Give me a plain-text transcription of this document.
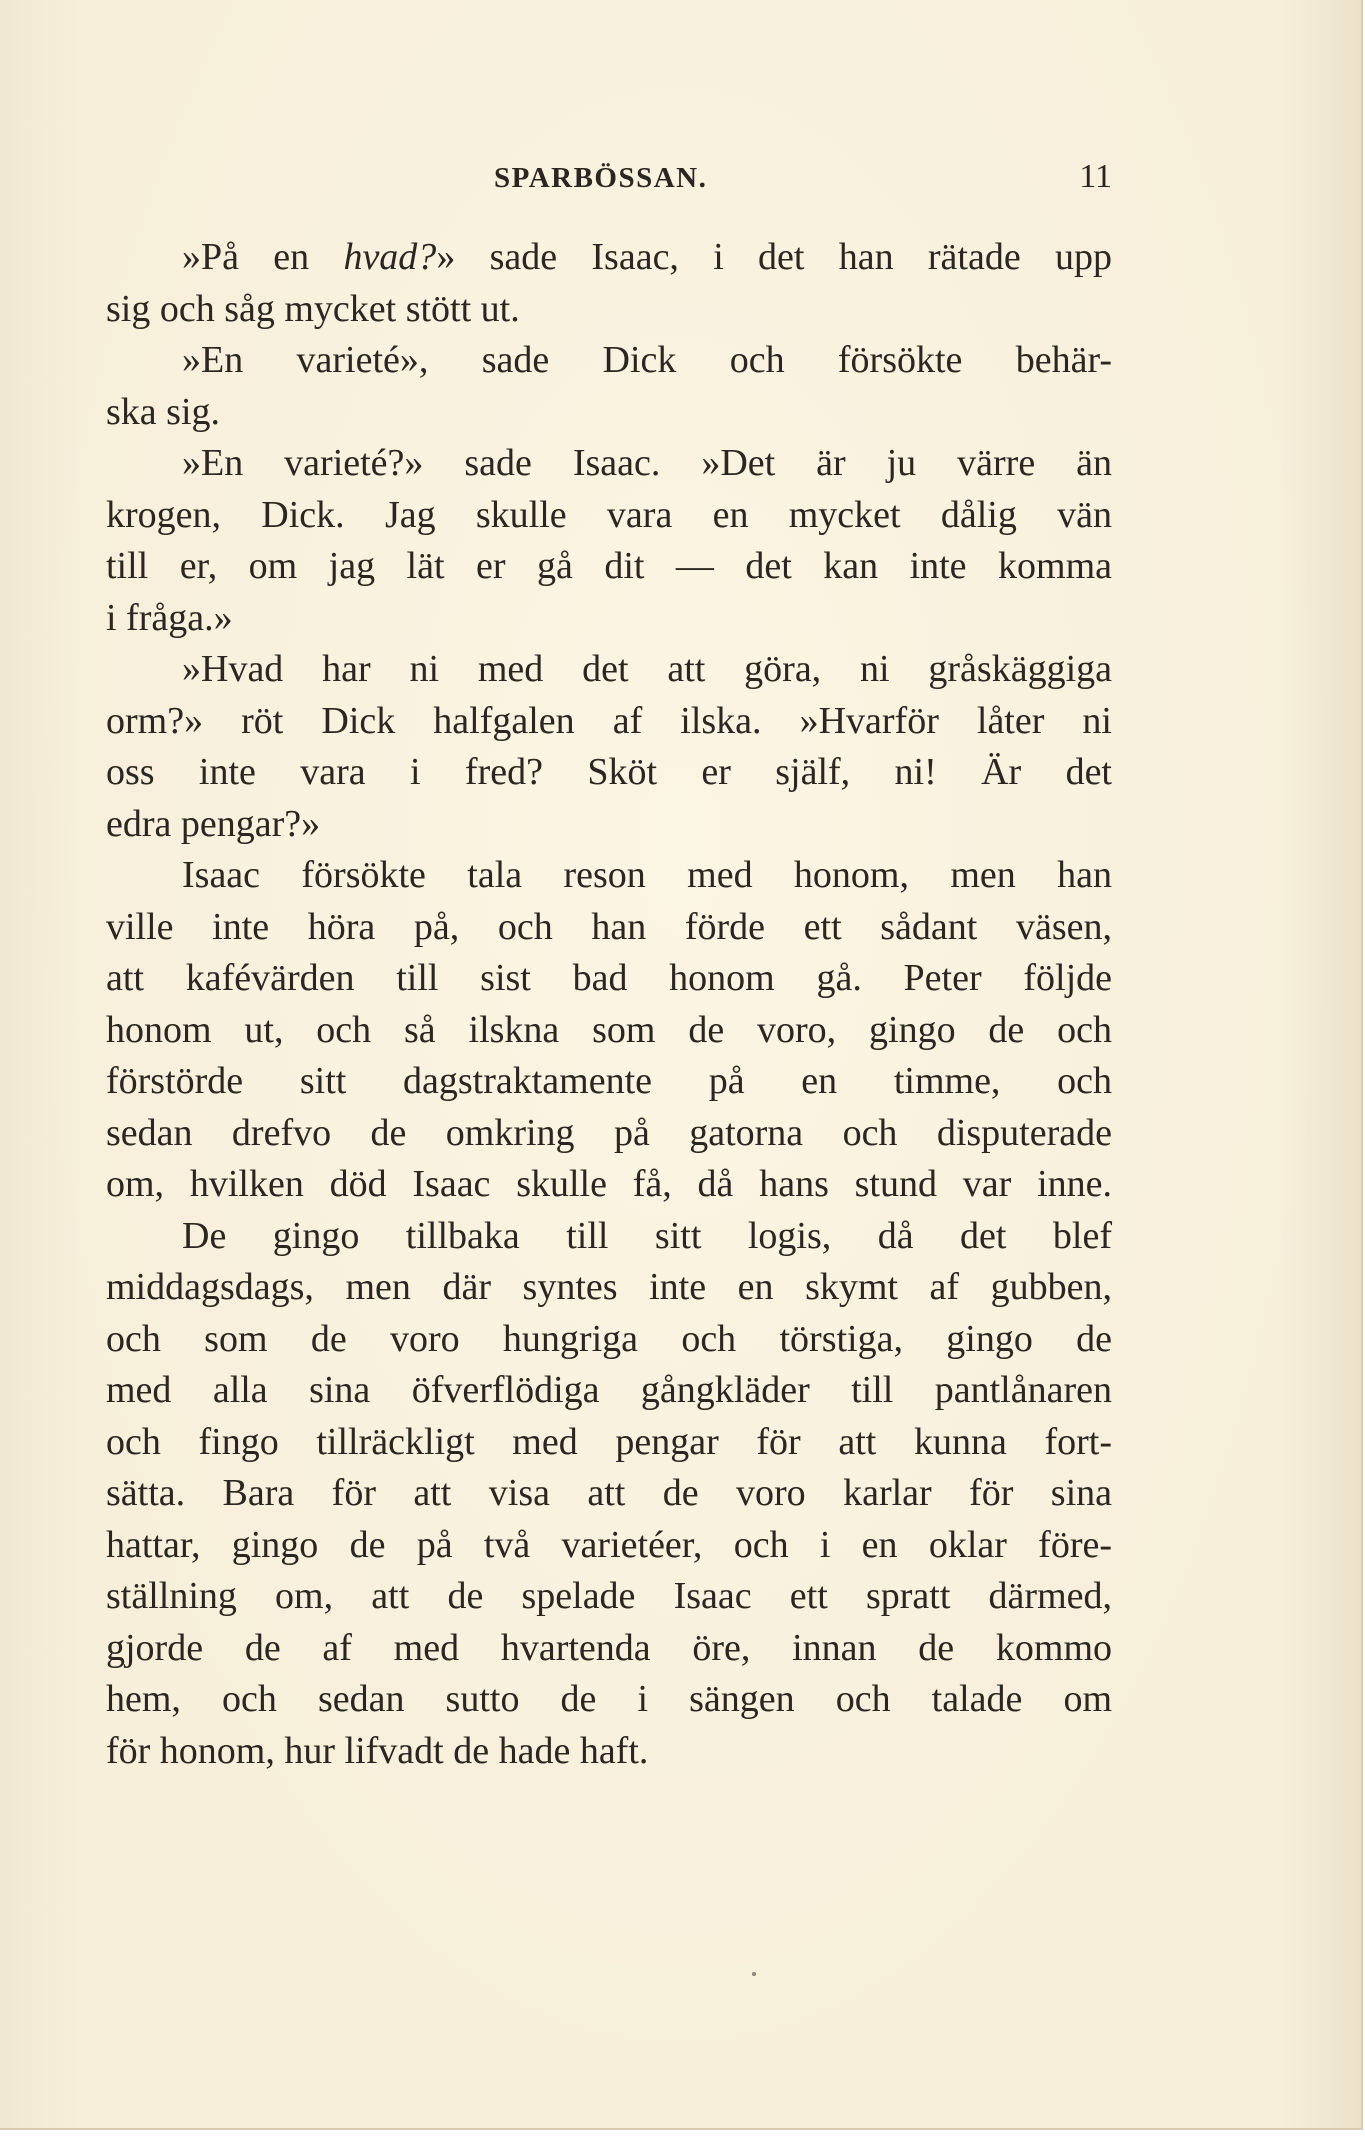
SPARBÖSSAN.	11
»På en hvad?» sade Isaac, i det han rätade upp
sig och såg mycket stött ut.
»En varieté», sade Dick och försökte behär-
ska sig.
»En varieté?» sade Isaac. »Det är ju värre än
krogen, Dick. Jag skulle vara en mycket dålig vän
till er, om jag lät er gå dit — det kan inte komma
i fråga.»
»Hvad har ni med det att göra, ni gråskäggiga
orm?» röt Dick halfgalen af ilska. »Hvarför låter ni
oss inte vara i fred? Sköt er själf, ni! Är det
edra pengar?»
Isaac försökte tala reson med honom, men han
ville inte höra på, och han förde ett sådant väsen,
att kafévärden till sist bad honom gå. Peter följde
honom ut, och så ilskna som de voro, gingo de och
förstörde sitt dagstraktamente på en timme, och
sedan drefvo de omkring på gatorna och disputerade
om, hvilken död Isaac skulle få, då hans stund var inne.
De gingo tillbaka till sitt logis, då det blef
middagsdags, men där syntes inte en skymt af gubben,
och som de voro hungriga och törstiga, gingo de
med alla sina öfverflödiga gångkläder till pantlånaren
och fingo tillräckligt med pengar för att kunna fort-
sätta. Bara för att visa att de voro karlar för sina
hattar, gingo de på två varietéer, och i en oklar före-
ställning om, att de spelade Isaac ett spratt därmed,
gjorde de af med hvartenda öre, innan de kommo
hem, och sedan sutto de i sängen och talade om
för honom, hur lifvadt de hade haft.
